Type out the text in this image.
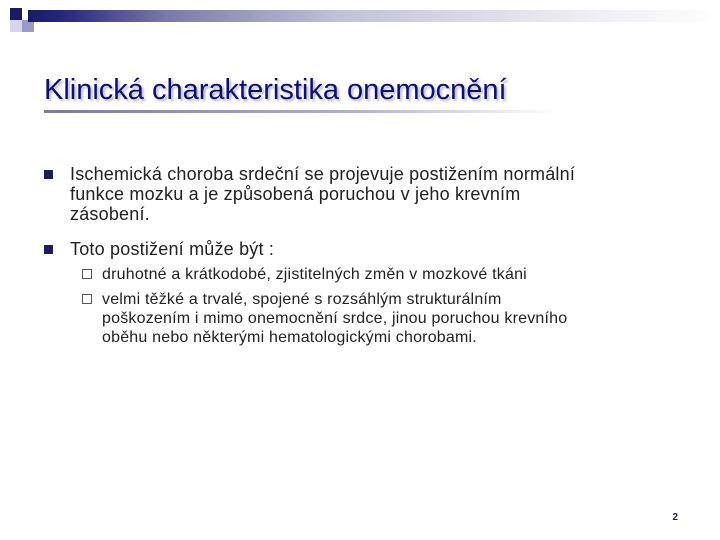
Klinická charakteristika onemocnění
Ischemická choroba srdeční se projevuje postižením normální
funkce mozku a je způsobená poruchou v jeho krevním
zásobení.
Toto postižení může být :
druhotné a krátkodobé, zjistitelných změn v mozkové tkáni
velmi těžké a trvalé, spojené s rozsáhlým strukturálním
poškozením i mimo onemocnění srdce, jinou poruchou krevního
oběhu nebo některými hematologickými chorobami.
2
